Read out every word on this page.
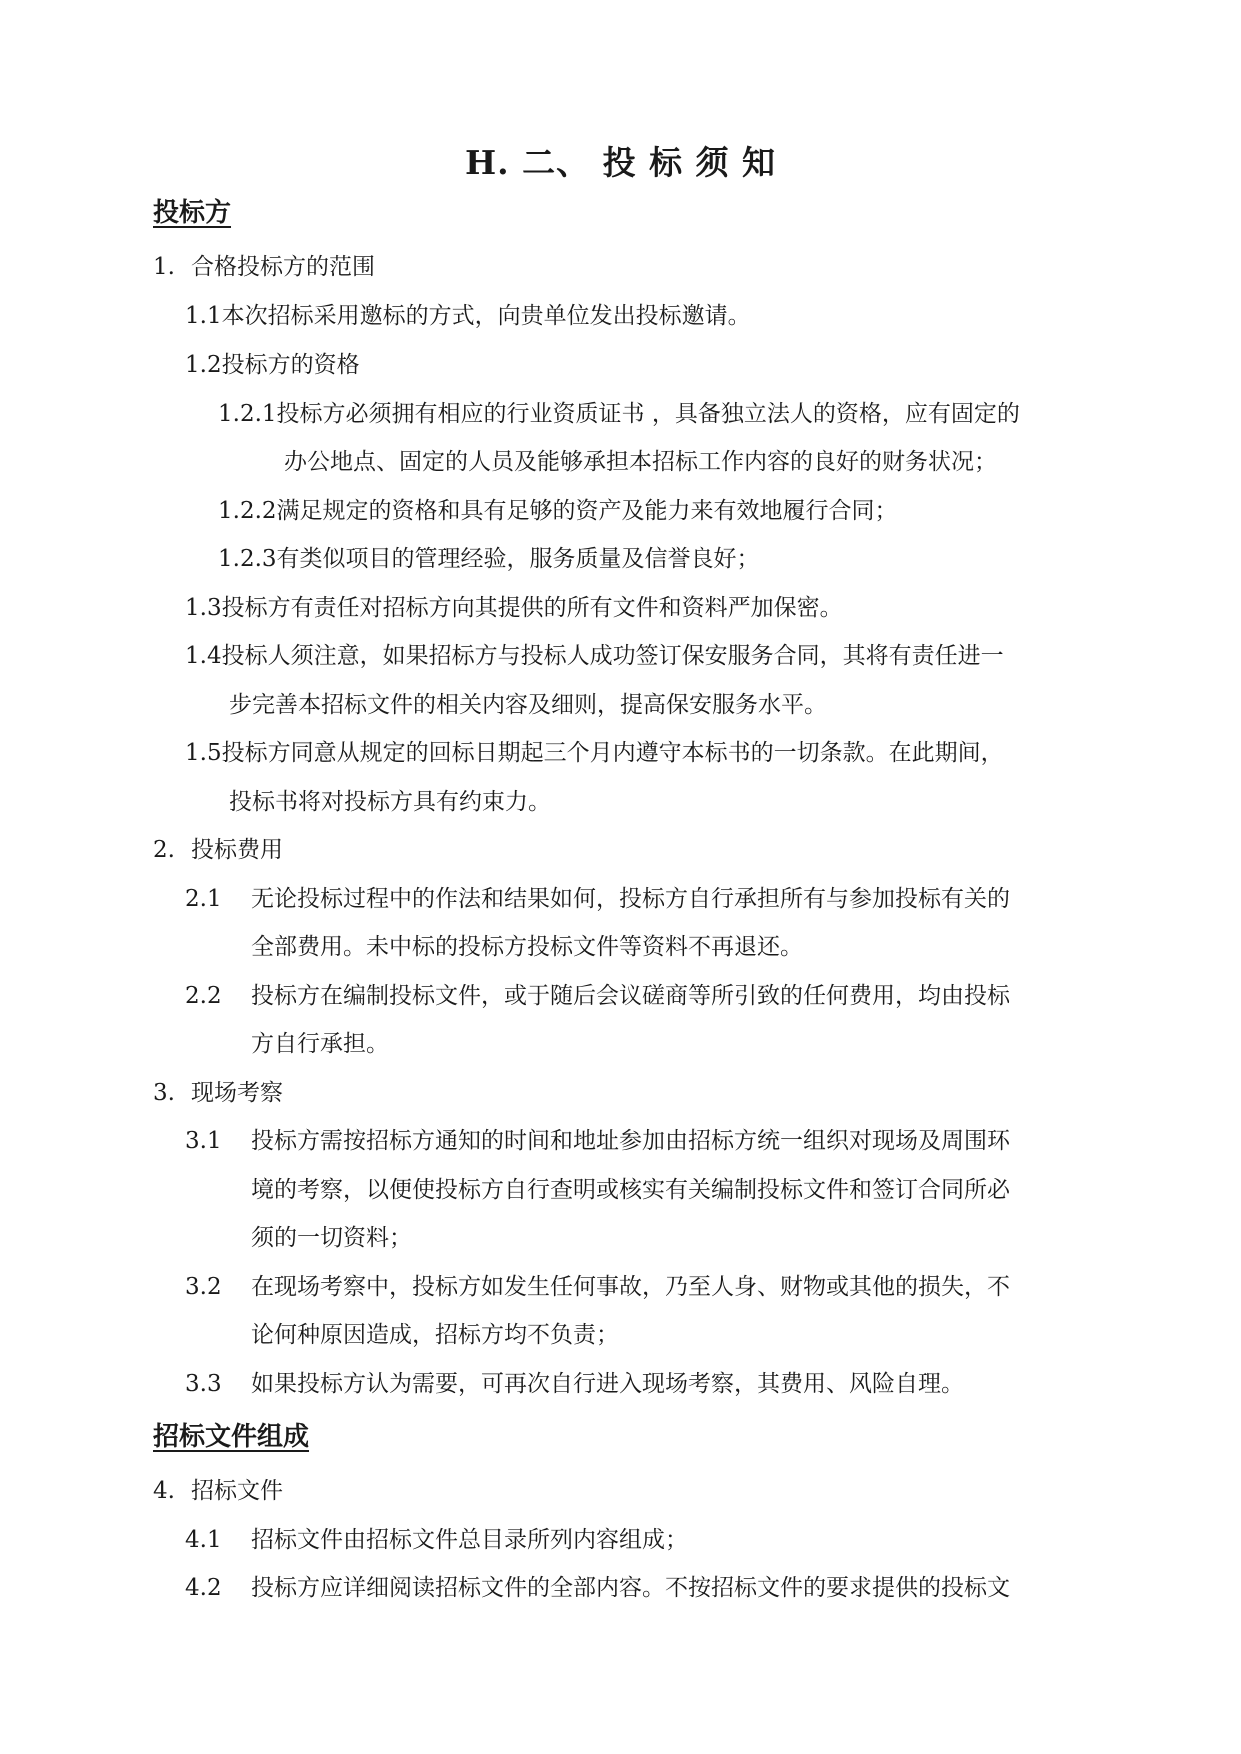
H. 二、 投 标 须 知
投标方
1. 合格投标方的范围
1.1本次招标采用邀标的方式，向贵单位发出投标邀请。
1.2投标方的资格
1.2.1投标方必须拥有相应的行业资质证书 ，具备独立法人的资格，应有固定的
办公地点、固定的人员及能够承担本招标工作内容的良好的财务状况；
1.2.2满足规定的资格和具有足够的资产及能力来有效地履行合同；
1.2.3有类似项目的管理经验，服务质量及信誉良好；
1.3投标方有责任对招标方向其提供的所有文件和资料严加保密。
1.4投标人须注意，如果招标方与投标人成功签订保安服务合同，其将有责任进一
步完善本招标文件的相关内容及细则，提高保安服务水平。
1.5投标方同意从规定的回标日期起三个月内遵守本标书的一切条款。在此期间，
投标书将对投标方具有约束力。
2. 投标费用
2.1 无论投标过程中的作法和结果如何，投标方自行承担所有与参加投标有关的
全部费用。未中标的投标方投标文件等资料不再退还。
2.2 投标方在编制投标文件，或于随后会议磋商等所引致的任何费用，均由投标
方自行承担。
3. 现场考察
3.1 投标方需按招标方通知的时间和地址参加由招标方统一组织对现场及周围环
境的考察，以便使投标方自行查明或核实有关编制投标文件和签订合同所必
须的一切资料；
3.2 在现场考察中，投标方如发生任何事故，乃至人身、财物或其他的损失，不
论何种原因造成，招标方均不负责；
3.3 如果投标方认为需要，可再次自行进入现场考察，其费用、风险自理。
招标文件组成
4. 招标文件
4.1 招标文件由招标文件总目录所列内容组成；
4.2 投标方应详细阅读招标文件的全部内容。不按招标文件的要求提供的投标文
